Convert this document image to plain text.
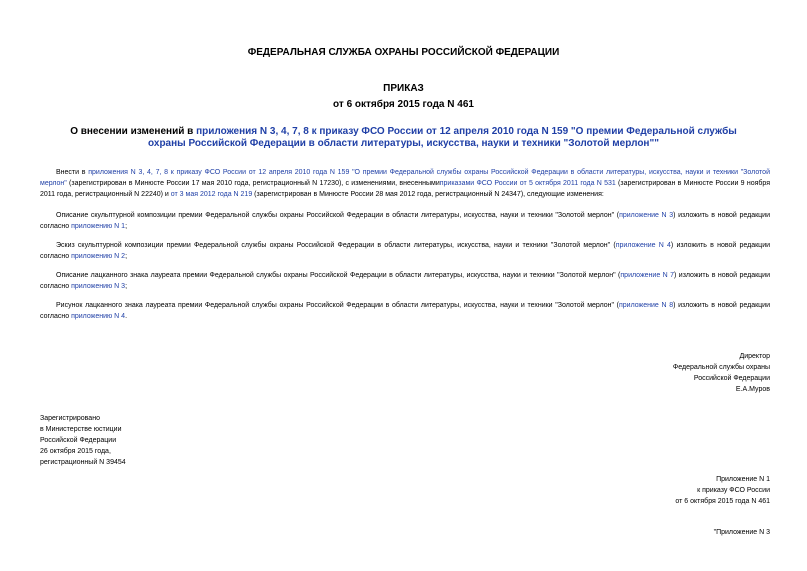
ФЕДЕРАЛЬНАЯ СЛУЖБА ОХРАНЫ РОССИЙСКОЙ ФЕДЕРАЦИИ
ПРИКАЗ
от 6 октября 2015 года N 461
О внесении изменений в приложения N 3, 4, 7, 8 к приказу ФСО России от 12 апреля 2010 года N 159 "О премии Федеральной службы охраны Российской Федерации в области литературы, искусства, науки и техники "Золотой мерлон""
Внести в приложения N 3, 4, 7, 8 к приказу ФСО России от 12 апреля 2010 года N 159 "О премии Федеральной службы охраны Российской Федерации в области литературы, искусства, науки и техники "Золотой мерлон" (зарегистрирован в Минюсте России 17 мая 2010 года, регистрационный N 17230), с изменениями, внесеннымиприказами ФСО России от 5 октября 2011 года N 531 (зарегистрирован в Минюсте России 9 ноября 2011 года, регистрационный N 22240) и от 3 мая 2012 года N 219 (зарегистрирован в Минюсте России 28 мая 2012 года, регистрационный N 24347), следующие изменения:
Описание скульптурной композиции премии Федеральной службы охраны Российской Федерации в области литературы, искусства, науки и техники "Золотой мерлон" (приложение N 3) изложить в новой редакции согласно приложению N 1;
Эскиз скульптурной композиции премии Федеральной службы охраны Российской Федерации в области литературы, искусства, науки и техники "Золотой мерлон" (приложение N 4) изложить в новой редакции согласно приложению N 2;
Описание лацканного знака лауреата премии Федеральной службы охраны Российской Федерации в области литературы, искусства, науки и техники "Золотой мерлон" (приложение N 7) изложить в новой редакции согласно приложению N 3;
Рисунок лацканного знака лауреата премии Федеральной службы охраны Российской Федерации в области литературы, искусства, науки и техники "Золотой мерлон" (приложение N 8) изложить в новой редакции согласно приложению N 4.
Директор
Федеральной службы охраны
Российской Федерации
Е.А.Муров
Зарегистрировано
в Министерстве юстиции
Российской Федерации
26 октября 2015 года,
регистрационный N 39454
Приложение N 1
к приказу ФСО России
от 6 октября 2015 года N 461
"Приложение N 3
